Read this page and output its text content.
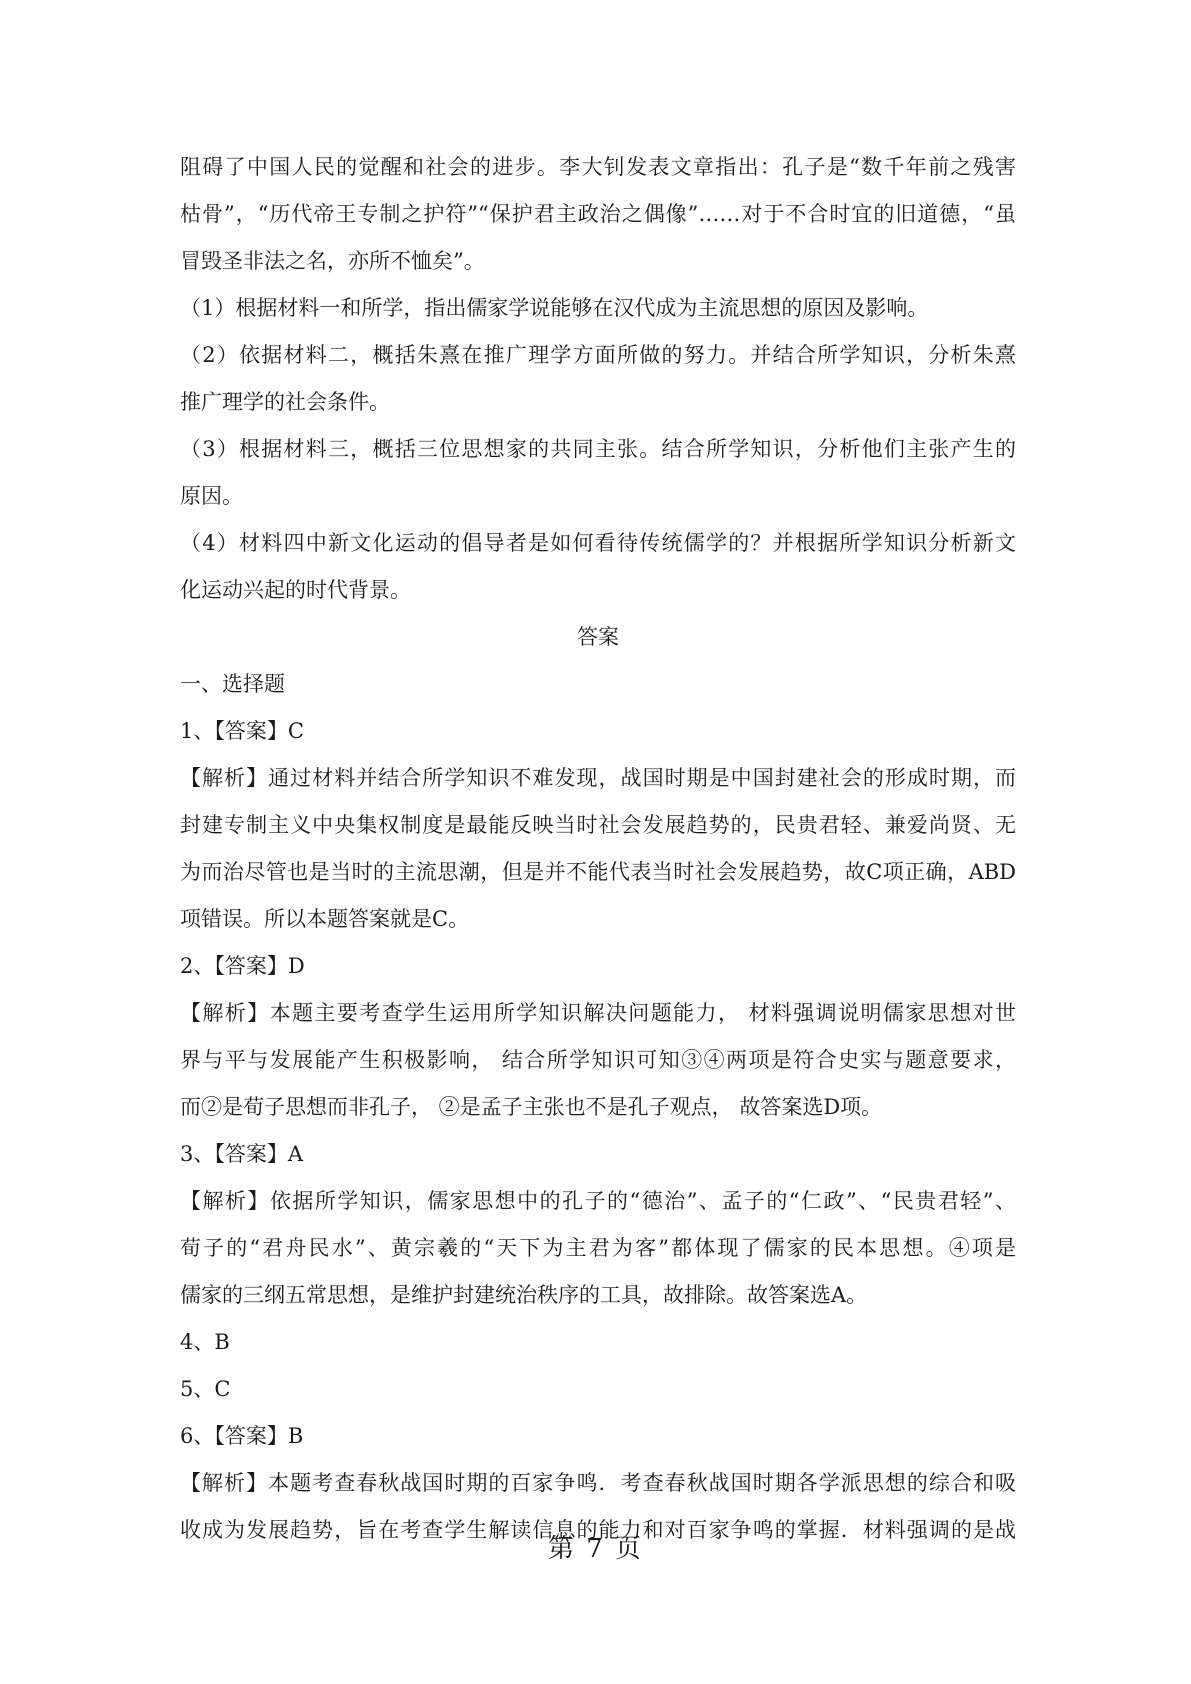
阻碍了中国人民的觉醒和社会的进步。李大钊发表文章指出：孔子是“数千年前之残害
枯骨”，“历代帝王专制之护符”“保护君主政治之偶像”……对于不合时宜的旧道德，“虽
冒毁圣非法之名，亦所不恤矣”。
（1）根据材料一和所学，指出儒家学说能够在汉代成为主流思想的原因及影响。
（2）依据材料二，概括朱熹在推广理学方面所做的努力。并结合所学知识，分析朱熹
推广理学的社会条件。
（3）根据材料三，概括三位思想家的共同主张。结合所学知识，分析他们主张产生的
原因。
（4）材料四中新文化运动的倡导者是如何看待传统儒学的？并根据所学知识分析新文
化运动兴起的时代背景。
答案
一、选择题
1、【答案】C
【解析】通过材料并结合所学知识不难发现，战国时期是中国封建社会的形成时期，而
封建专制主义中央集权制度是最能反映当时社会发展趋势的，民贵君轻、兼爱尚贤、无
为而治尽管也是当时的主流思潮，但是并不能代表当时社会发展趋势，故C项正确，ABD
项错误。所以本题答案就是C。
2、【答案】D
【解析】本题主要考查学生运用所学知识解决问题能力， 材料强调说明儒家思想对世
界与平与发展能产生积极影响， 结合所学知识可知③④两项是符合史实与题意要求，
而②是荀子思想而非孔子， ②是孟子主张也不是孔子观点， 故答案选D项。
3、【答案】A
【解析】依据所学知识，儒家思想中的孔子的“德治”、孟子的“仁政”、“民贵君轻”、
荀子的“君舟民水”、黄宗羲的“天下为主君为客”都体现了儒家的民本思想。④项是
儒家的三纲五常思想，是维护封建统治秩序的工具，故排除。故答案选A。
4、B
5、C
6、【答案】B
【解析】本题考查春秋战国时期的百家争鸣．考查春秋战国时期各学派思想的综合和吸
收成为发展趋势，旨在考查学生解读信息的能力和对百家争鸣的掌握．材料强调的是战
第 7 页
